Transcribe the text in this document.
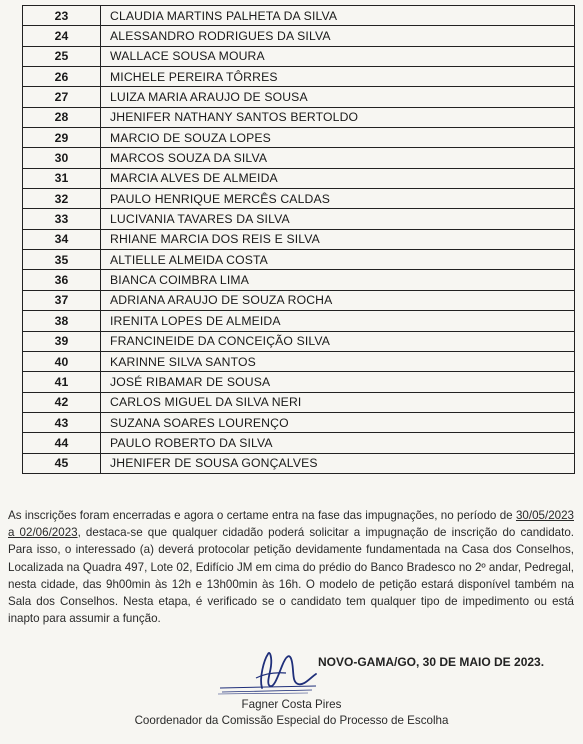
23	CLAUDIA MARTINS PALHETA DA SILVA
24	ALESSANDRO RODRIGUES DA SILVA
25	WALLACE SOUSA MOURA
26	MICHELE PEREIRA TÔRRES
27	LUIZA MARIA ARAUJO DE SOUSA
28	JHENIFER NATHANY SANTOS BERTOLDO
29	MARCIO DE SOUZA LOPES
30	MARCOS SOUZA DA SILVA
31	MARCIA ALVES DE ALMEIDA
32	PAULO HENRIQUE MERCÊS CALDAS
33	LUCIVANIA TAVARES DA SILVA
34	RHIANE MARCIA DOS REIS E SILVA
35	ALTIELLE ALMEIDA COSTA
36	BIANCA COIMBRA LIMA
37	ADRIANA ARAUJO DE SOUZA ROCHA
38	IRENITA LOPES DE ALMEIDA
39	FRANCINEIDE DA CONCEIÇÃO SILVA
40	KARINNE SILVA SANTOS
41	JOSÉ RIBAMAR DE SOUSA
42	CARLOS MIGUEL DA SILVA NERI
43	SUZANA SOARES LOURENÇO
44	PAULO ROBERTO DA SILVA
45	JHENIFER DE SOUSA GONÇALVES

As inscrições foram encerradas e agora o certame entra na fase das impugnações, no período de 30/05/2023 a 02/06/2023, destaca-se que qualquer cidadão poderá solicitar a impugnação de inscrição do candidato. Para isso, o interessado (a) deverá protocolar petição devidamente fundamentada na Casa dos Conselhos, Localizada na Quadra 497, Lote 02, Edifício JM em cima do prédio do Banco Bradesco no 2º andar, Pedregal, nesta cidade, das 9h00min às 12h e 13h00min às 16h. O modelo de petição estará disponível também na Sala dos Conselhos. Nesta etapa, é verificado se o candidato tem qualquer tipo de impedimento ou está inapto para assumir a função.

NOVO-GAMA/GO, 30 DE MAIO DE 2023.
Fagner Costa Pires
Coordenador da Comissão Especial do Processo de Escolha
